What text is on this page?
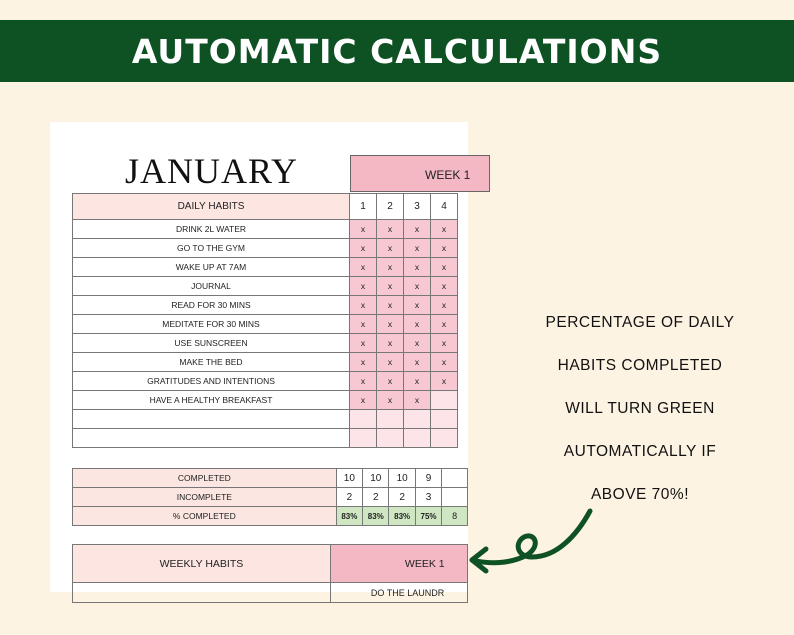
AUTOMATIC CALCULATIONS
JANUARY	WEEK 1
DAILY HABITS	1	2	3	4
DRINK 2L WATER	x	x	x	x
GO TO THE GYM	x	x	x	x
WAKE UP AT 7AM	x	x	x	x
JOURNAL	x	x	x	x
READ FOR 30 MINS	x	x	x	x
MEDITATE FOR 30 MINS	x	x	x	x
USE SUNSCREEN	x	x	x	x
MAKE THE BED	x	x	x	x
GRATITUDES AND INTENTIONS	x	x	x	x
HAVE A HEALTHY BREAKFAST	x	x	x	

COMPLETED	10	10	10	9	
INCOMPLETE	2	2	2	3	
% COMPLETED	83%	83%	83%	75%	8
WEEKLY HABITS	WEEK 1
	DO THE LAUNDR
PERCENTAGE OF DAILY
HABITS COMPLETED
WILL TURN GREEN
AUTOMATICALLY IF
ABOVE 70%!
